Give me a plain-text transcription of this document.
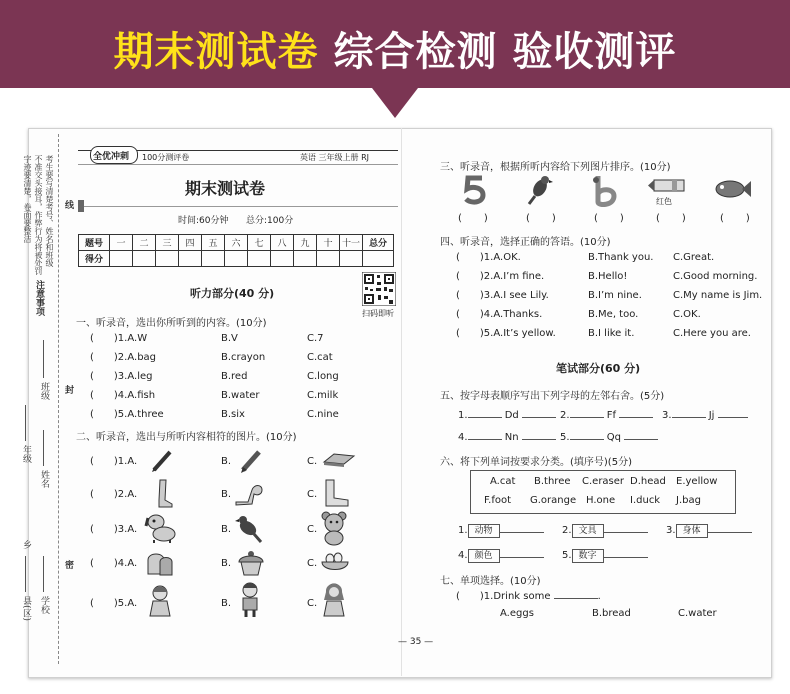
期末测试卷 综合检测 验收测评
注意事项
考生要写清楚考号、姓名和班级
不准交头接耳，作弊行为将被处罚
字迹要清楚，卷面要整洁	线
封
密
班级
姓名
年级
学校
县(区)
乡
全优冲刺 100分测评卷	英语 三年级上册 RJ
期末测试卷
时间:60分钟 总分:100分
题号	一	二	三	四	五	六	七	八	九	十	十一	总分
得分												
听力部分(40 分)
扫码即听
一、听录音，选出你所听到的内容。(10分)
( )1.A.W	B.V	C.7
( )2.A.bag	B.crayon	C.cat
( )3.A.leg	B.red	C.long
( )4.A.fish	B.water	C.milk
( )5.A.three	B.six	C.nine
二、听录音，选出与所听内容相符的图片。(10分)
( )1.A.	B.	C.
( )2.A.	B.	C.
( )3.A.	B.	C.
( )4.A.	B.	C.
( )5.A.	B.	C.
三、听录音，根据所听内容给下列图片排序。(10分)
红色
( )	( )	( )	( )	( )
四、听录音，选择正确的答语。(10分)
( )1.A.OK.	B.Thank you. C.Great.
( )2.A.I’m fine.	B.Hello!	C.Good morning.
( )3.A.I see Lily.	B.I’m nine.	C.My name is Jim.
( )4.A.Thanks.	B.Me, too.	C.OK.
( )5.A.It’s yellow.	B.I like it.	C.Here you are.
笔试部分(60 分)
五、按字母表顺序写出下列字母的左邻右舍。(5分)
1.	Dd	2.	Ff	3.	Jj
4.	Nn	5.	Qq
六、将下列单词按要求分类。(填序号)(5分)
A.cat B.three C.eraser D.head E.yellow
F.foot G.orange H.one I.duck J.bag
1. 动物	2. 文具	3. 身体
4. 颜色	5. 数字
七、单项选择。(10分)
( )1.Drink some	.
A.eggs	B.bread	C.water
— 35 —
